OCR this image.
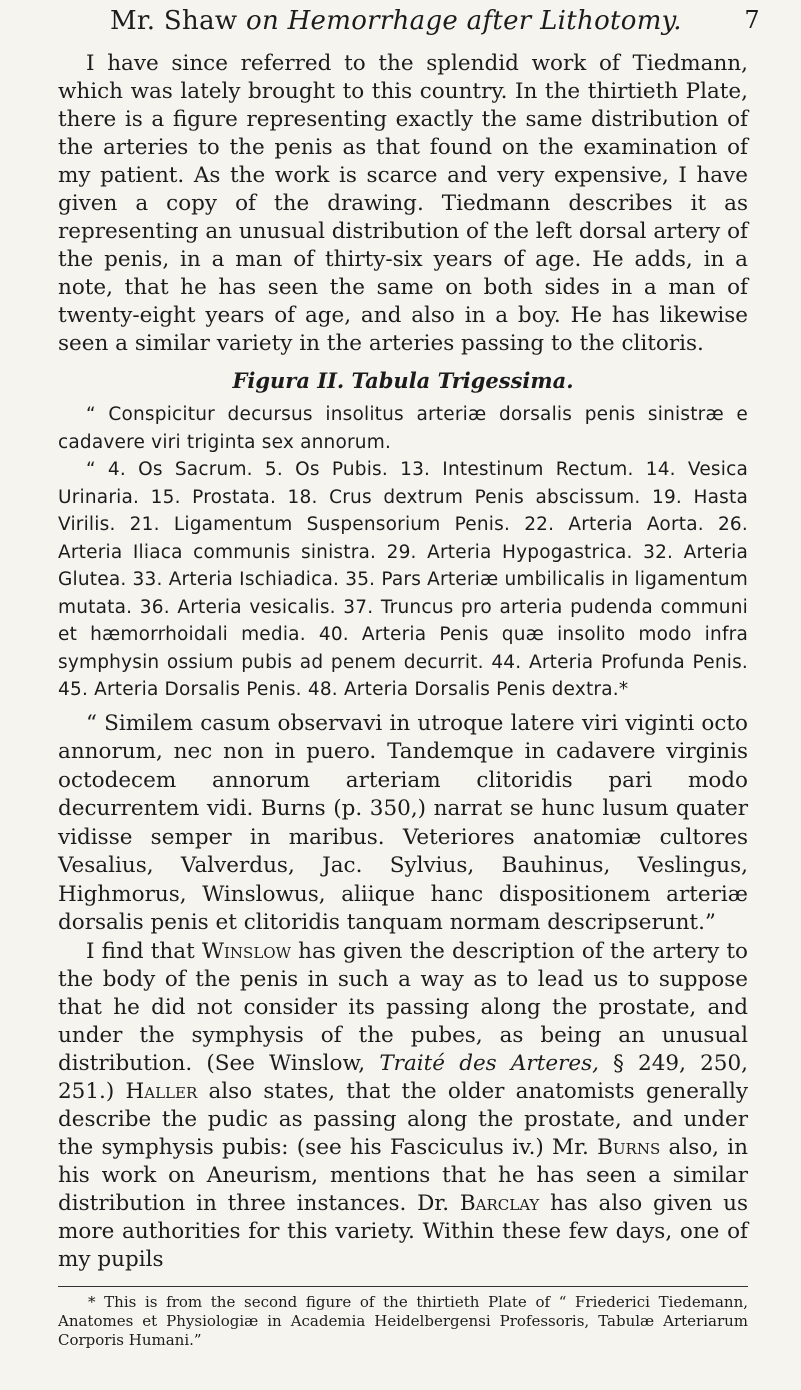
Mr. Shaw on Hemorrhage after Lithotomy.	7

I have since referred to the splendid work of Tiedmann, which was lately brought to this country. In the thirtieth Plate, there is a figure representing exactly the same distribution of the arteries to the penis as that found on the examination of my patient. As the work is scarce and very expensive, I have given a copy of the drawing. Tiedmann describes it as representing an unusual distribution of the left dorsal artery of the penis, in a man of thirty-six years of age. He adds, in a note, that he has seen the same on both sides in a man of twenty-eight years of age, and also in a boy. He has likewise seen a similar variety in the arteries passing to the clitoris.

Figura II. Tabula Trigessima.

“ Conspicitur decursus insolitus arteriæ dorsalis penis sinistræ e cadavere viri triginta sex annorum.

“ 4. Os Sacrum. 5. Os Pubis. 13. Intestinum Rectum. 14. Vesica Urinaria. 15. Prostata. 18. Crus dextrum Penis abscissum. 19. Hasta Virilis. 21. Ligamentum Suspensorium Penis. 22. Arteria Aorta. 26. Arteria Iliaca communis sinistra. 29. Arteria Hypogastrica. 32. Arteria Glutea. 33. Arteria Ischiadica. 35. Pars Arteriæ umbilicalis in ligamentum mutata. 36. Arteria vesicalis. 37. Truncus pro arteria pudenda communi et hæmorrhoidali media. 40. Arteria Penis quæ insolito modo infra symphysin ossium pubis ad penem decurrit. 44. Arteria Profunda Penis. 45. Arteria Dorsalis Penis. 48. Arteria Dorsalis Penis dextra.*

“ Similem casum observavi in utroque latere viri viginti octo annorum, nec non in puero. Tandemque in cadavere virginis octodecem annorum arteriam clitoridis pari modo decurrentem vidi. Burns (p. 350,) narrat se hunc lusum quater vidisse semper in maribus. Veteriores anatomiæ cultores Vesalius, Valverdus, Jac. Sylvius, Bauhinus, Veslingus, Highmorus, Winslowus, aliique hanc dispositionem arteriæ dorsalis penis et clitoridis tanquam normam descripserunt.”

I find that Winslow has given the description of the artery to the body of the penis in such a way as to lead us to suppose that he did not consider its passing along the prostate, and under the symphysis of the pubes, as being an unusual distribution. (See Winslow, Traité des Arteres, § 249, 250, 251.) Haller also states, that the older anatomists generally describe the pudic as passing along the prostate, and under the symphysis pubis: (see his Fasciculus iv.) Mr. Burns also, in his work on Aneurism, mentions that he has seen a similar distribution in three instances. Dr. Barclay has also given us more authorities for this variety. Within these few days, one of my pupils

* This is from the second figure of the thirtieth Plate of “ Friederici Tiedemann, Anatomes et Physiologiæ in Academia Heidelbergensi Professoris, Tabulæ Arteriarum Corporis Humani.”
